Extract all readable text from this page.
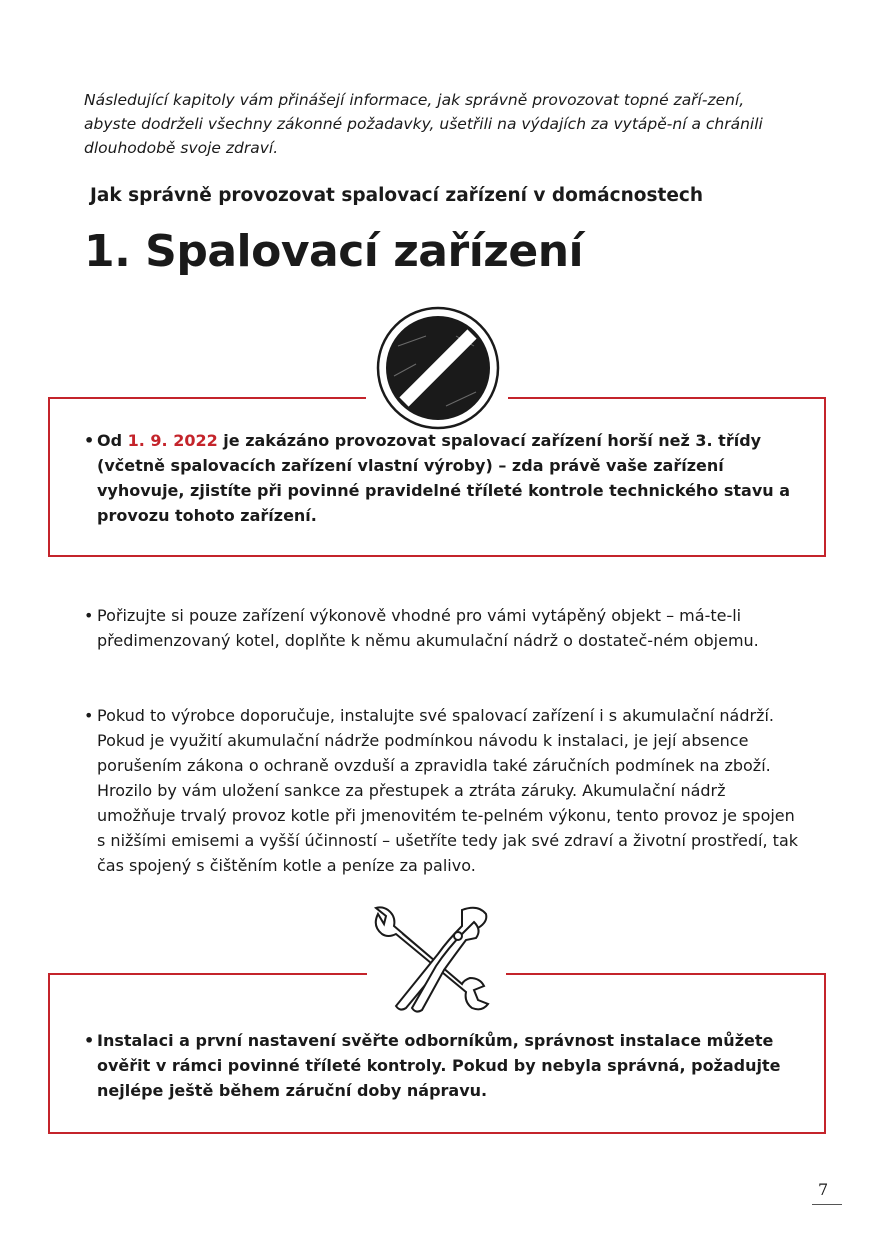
Následující kapitoly vám přinášejí informace, jak správně provozovat topné zaří-zení, abyste dodrželi všechny zákonné požadavky, ušetřili na výdajích za vytápě-ní a chránili dlouhodobě svoje zdraví.
Jak správně provozovat spalovací zařízení v domácnostech
1. Spalovací zařízení
• Od 1. 9. 2022 je zakázáno provozovat spalovací zařízení horší než 3. třídy (včetně spalovacích zařízení vlastní výroby) – zda právě vaše zařízení vyhovuje, zjistíte při povinné pravidelné tříleté kontrole technického stavu a provozu tohoto zařízení.
• Pořizujte si pouze zařízení výkonově vhodné pro vámi vytápěný objekt – má-te-li předimenzovaný kotel, doplňte k němu akumulační nádrž o dostateč-ném objemu.
• Pokud to výrobce doporučuje, instalujte své spalovací zařízení i s akumulační nádrží. Pokud je využití akumulační nádrže podmínkou návodu k instalaci, je její absence porušením zákona o ochraně ovzduší a zpravidla také záručních podmínek na zboží. Hrozilo by vám uložení sankce za přestupek a ztráta záruky. Akumulační nádrž umožňuje trvalý provoz kotle při jmenovitém te-pelném výkonu, tento provoz je spojen s nižšími emisemi a vyšší účinností – ušetříte tedy jak své zdraví a životní prostředí, tak čas spojený s čištěním kotle a peníze za palivo.
• Instalaci a první nastavení svěřte odborníkům, správnost instalace můžete ověřit v rámci povinné tříleté kontroly. Pokud by nebyla správná, požadujte nejlépe ještě během záruční doby nápravu.
7
